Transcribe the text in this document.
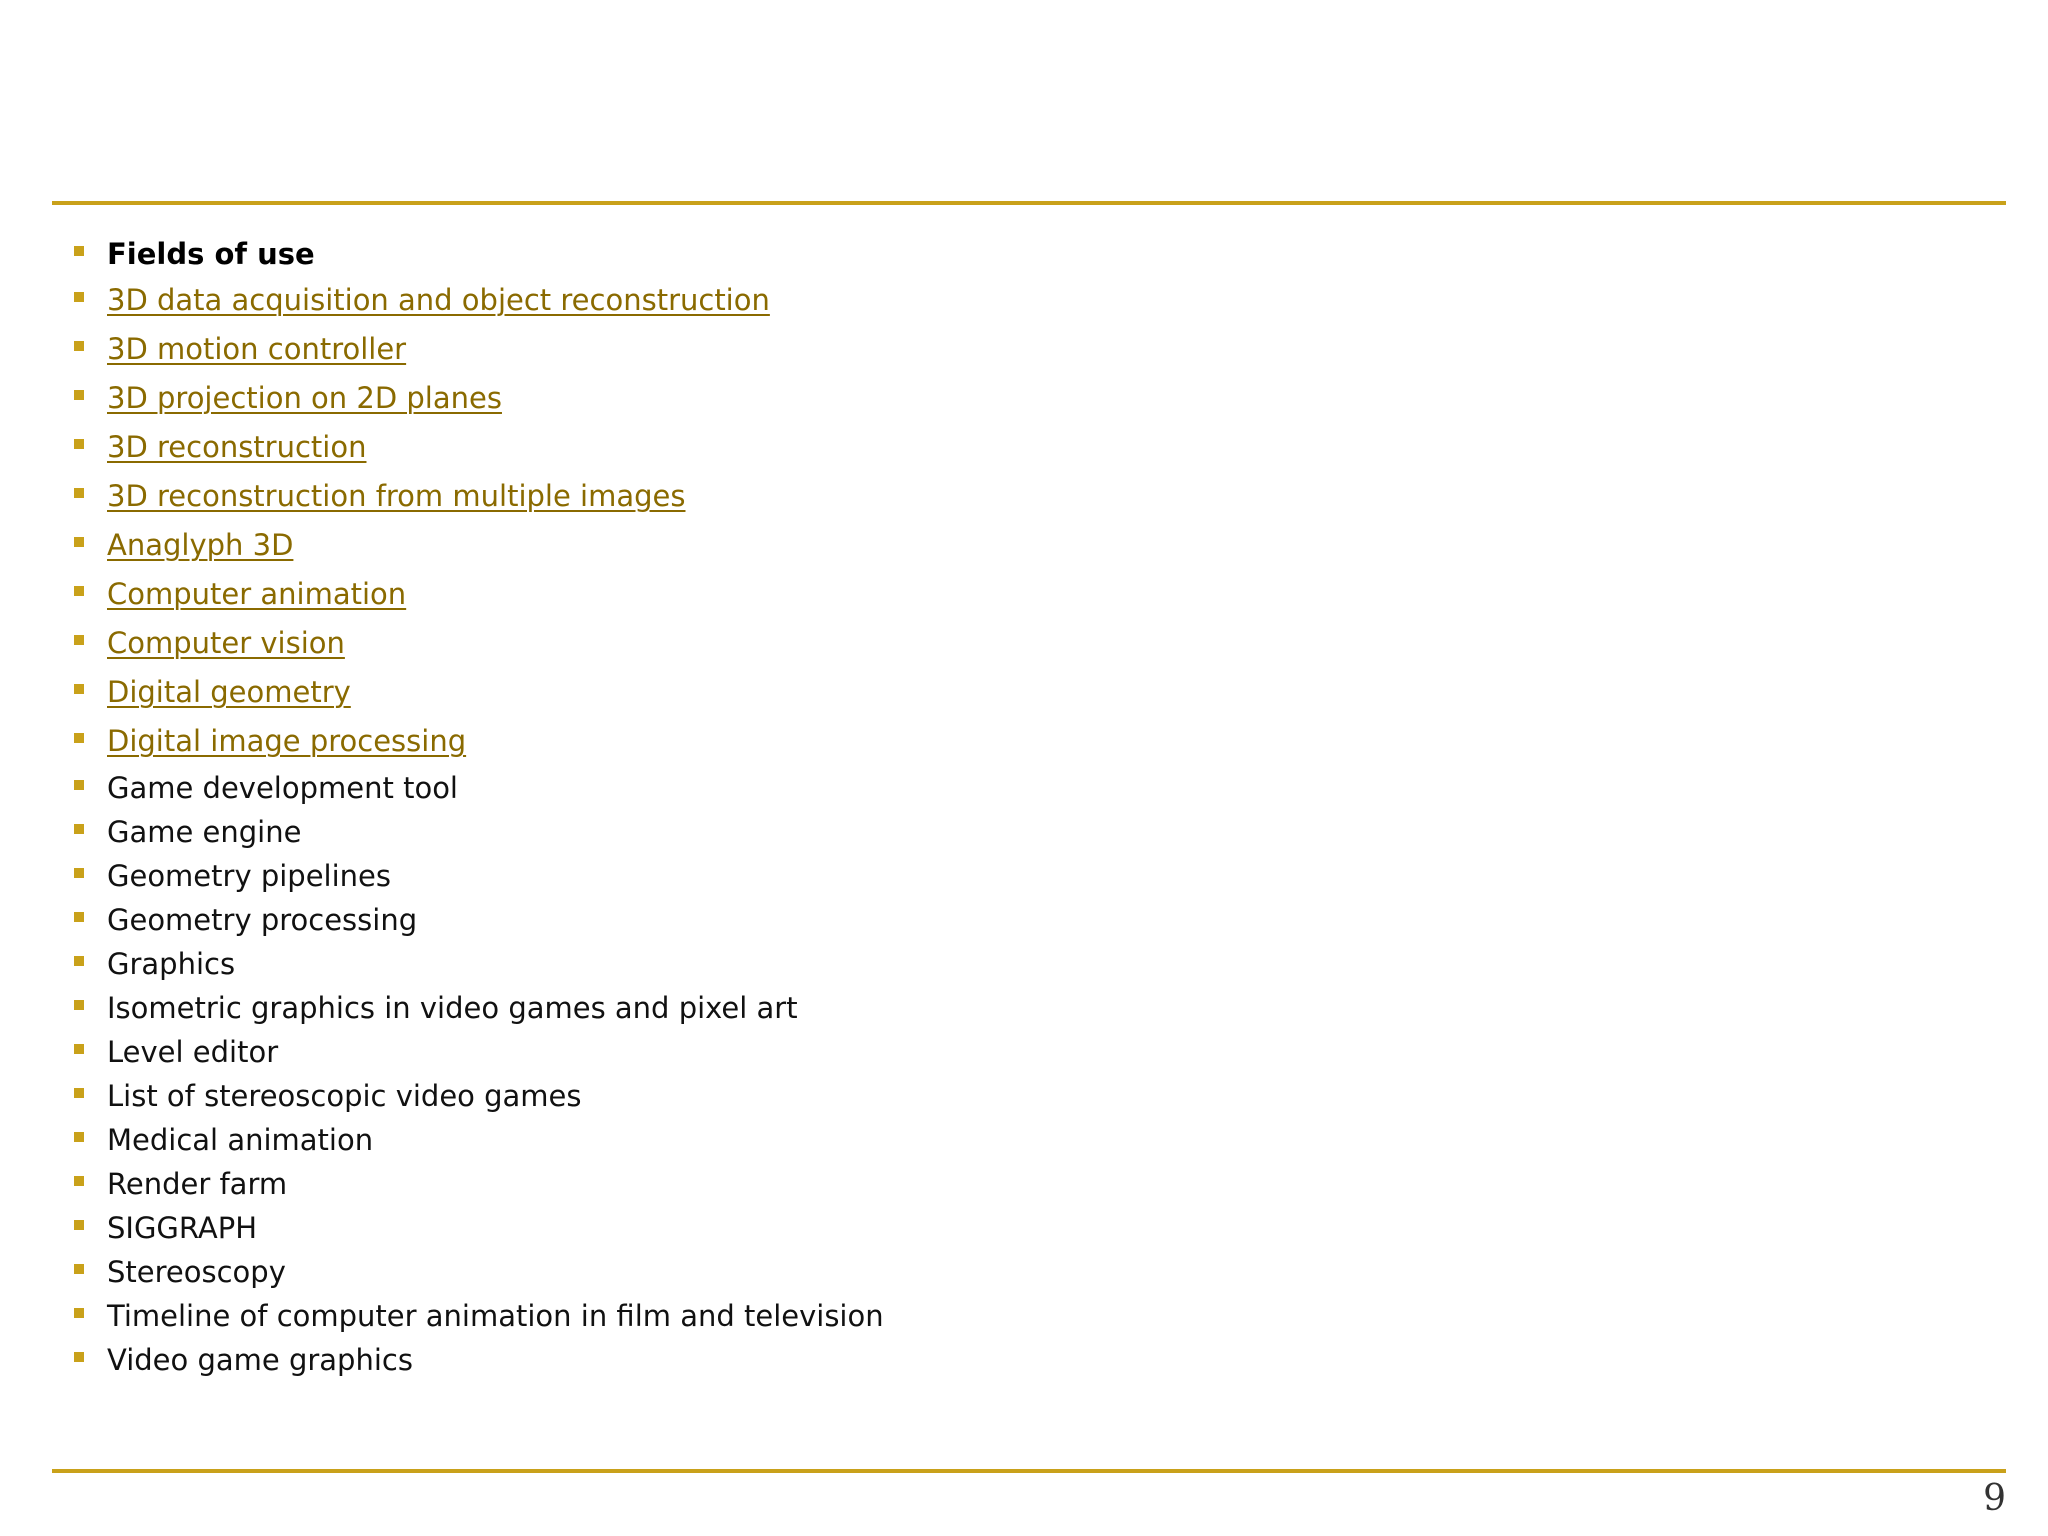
Fields of use
3D data acquisition and object reconstruction
3D motion controller
3D projection on 2D planes
3D reconstruction
3D reconstruction from multiple images
Anaglyph 3D
Computer animation
Computer vision
Digital geometry
Digital image processing
Game development tool
Game engine
Geometry pipelines
Geometry processing
Graphics
Isometric graphics in video games and pixel art
Level editor
List of stereoscopic video games
Medical animation
Render farm
SIGGRAPH
Stereoscopy
Timeline of computer animation in film and television
Video game graphics
9
